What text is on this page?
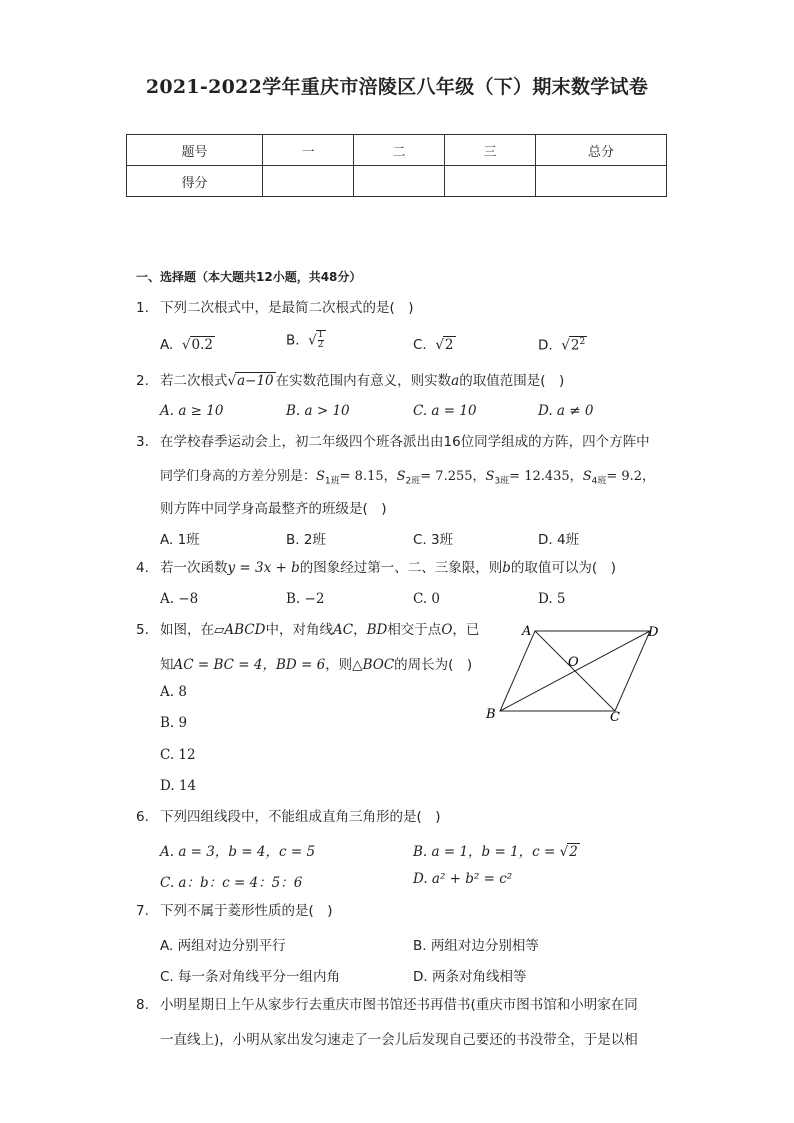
2021-2022学年重庆市涪陵区八年级（下）期末数学试卷
题号	一	二	三	总分
得分				
一、选择题（本大题共12小题，共48分）
1. 下列二次根式中，是最简二次根式的是(　)
A. √0.2	B. √ $\frac{1}{2}$	C. √2	D. $√2^2$
2. 若二次根式√a−10 在实数范围内有意义，则实数a的取值范围是(　)
A. a ≥ 10	B. a > 10	C. a = 10	D. a ≠ 0
3. 在学校春季运动会上，初二年级四个班各派出由16位同学组成的方阵，四个方阵中
同学们身高的方差分别是：$S_{1班}= 8.15$，$S_{2班}= 7.255$，$S_{3班}= 12.435$，$S_{4班}= 9.2$，
则方阵中同学身高最整齐的班级是(　)
A. 1班	B. 2班	C. 3班	D. 4班
4. 若一次函数y = 3x + b的图象经过第一、二、三象限，则b的取值可以为(　)
A. −8	B. −2	C. 0	D. 5
5. 如图，在▱ABCD中，对角线AC，BD相交于点O，已
知AC = BC = 4，BD = 6，则△BOC的周长为(　)
A. 8
B. 9
C. 12
D. 14
A	D
O
B	C
6. 下列四组线段中，不能组成直角三角形的是(　)
A. a = 3，b = 4，c = 5	B. a = 1，b = 1，c = √2
C. a：b：c = 4：5：6	D. a² + b² = c²
7. 下列不属于菱形性质的是(　)
A. 两组对边分别平行	B. 两组对边分别相等
C. 每一条对角线平分一组内角	D. 两条对角线相等
8. 小明星期日上午从家步行去重庆市图书馆还书再借书(重庆市图书馆和小明家在同
一直线上)，小明从家出发匀速走了一会儿后发现自己要还的书没带全，于是以相
